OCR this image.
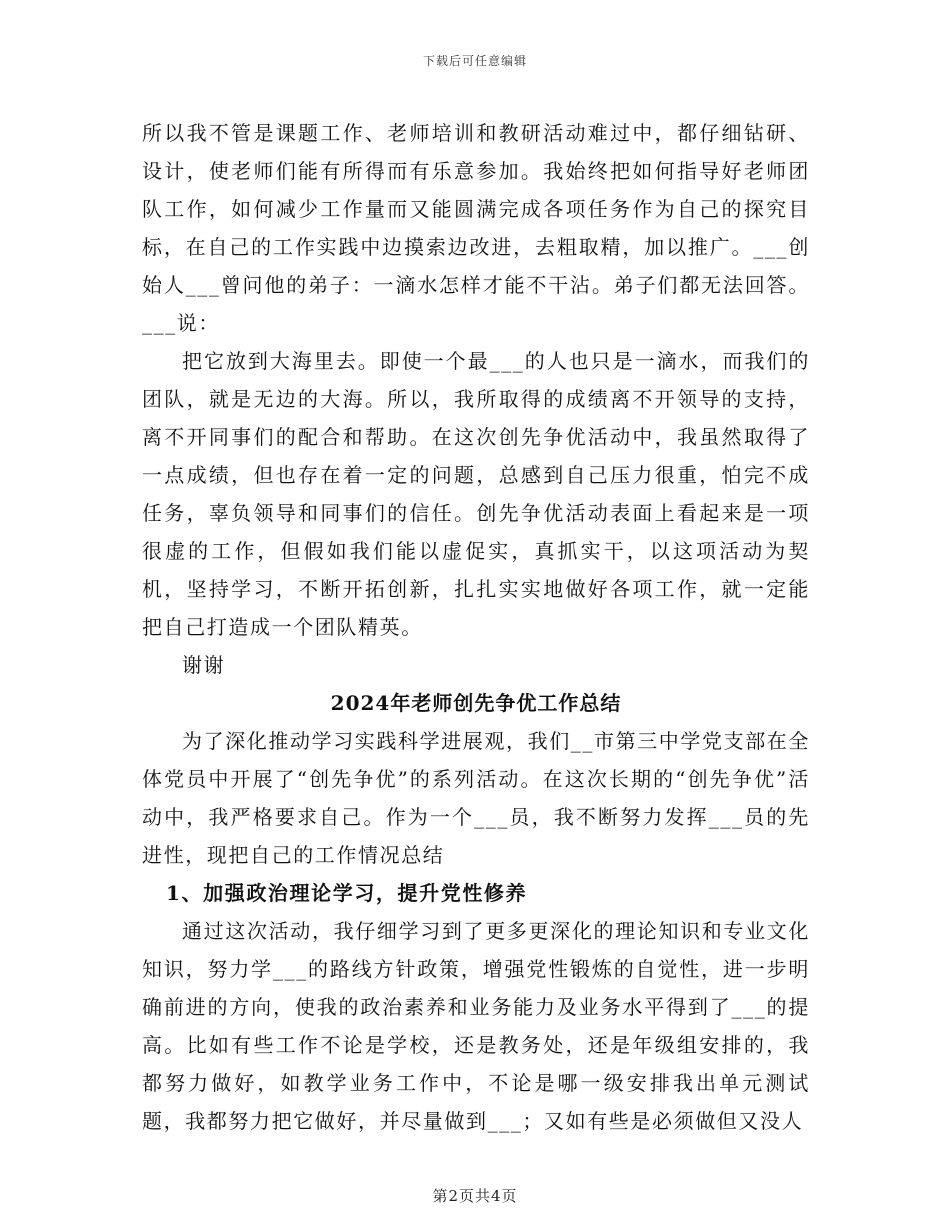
下载后可任意编辑

所以我不管是课题工作、老师培训和教研活动难过中，都仔细钻研、设计，使老师们能有所得而有乐意参加。我始终把如何指导好老师团队工作，如何减少工作量而又能圆满完成各项任务作为自己的探究目标，在自己的工作实践中边摸索边改进，去粗取精，加以推广。___创始人___曾问他的弟子：一滴水怎样才能不干沾。弟子们都无法回答。___说：

把它放到大海里去。即使一个最___的人也只是一滴水，而我们的团队，就是无边的大海。所以，我所取得的成绩离不开领导的支持，离不开同事们的配合和帮助。在这次创先争优活动中，我虽然取得了一点成绩，但也存在着一定的问题，总感到自己压力很重，怕完不成任务，辜负领导和同事们的信任。创先争优活动表面上看起来是一项很虚的工作，但假如我们能以虚促实，真抓实干，以这项活动为契机，坚持学习，不断开拓创新，扎扎实实地做好各项工作，就一定能把自己打造成一个团队精英。

谢谢

2024年老师创先争优工作总结

为了深化推动学习实践科学进展观，我们__市第三中学党支部在全体党员中开展了“创先争优”的系列活动。在这次长期的“创先争优”活动中，我严格要求自己。作为一个___员，我不断努力发挥___员的先进性，现把自己的工作情况总结

1、加强政治理论学习，提升党性修养

通过这次活动，我仔细学习到了更多更深化的理论知识和专业文化知识，努力学___的路线方针政策，增强党性锻炼的自觉性，进一步明确前进的方向，使我的政治素养和业务能力及业务水平得到了___的提高。比如有些工作不论是学校，还是教务处，还是年级组安排的，我都努力做好，如教学业务工作中，不论是哪一级安排我出单元测试题，我都努力把它做好，并尽量做到___；又如有些是必须做但又没人

第2页共4页
